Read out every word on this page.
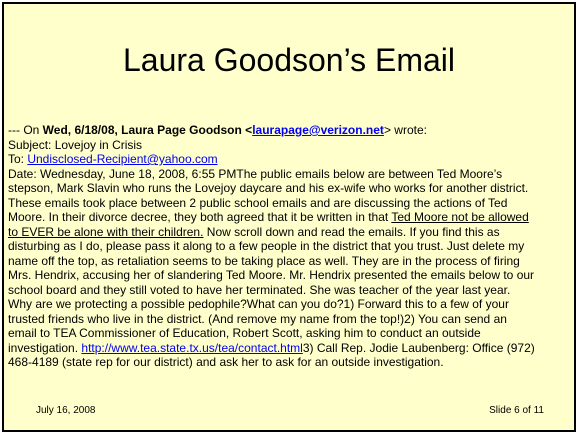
Laura Goodson’s Email
--- On Wed, 6/18/08, Laura Page Goodson <laurapage@verizon.net> wrote:
Subject: Lovejoy in Crisis
To: Undisclosed-Recipient@yahoo.com
Date: Wednesday, June 18, 2008, 6:55 PMThe public emails below are between Ted Moore’s
stepson, Mark Slavin who runs the Lovejoy daycare and his ex-wife who works for another district.
These emails took place between 2 public school emails and are discussing the actions of Ted
Moore. In their divorce decree, they both agreed that it be written in that Ted Moore not be allowed
to EVER be alone with their children. Now scroll down and read the emails. If you find this as
disturbing as I do, please pass it along to a few people in the district that you trust. Just delete my
name off the top, as retaliation seems to be taking place as well. They are in the process of firing
Mrs. Hendrix, accusing her of slandering Ted Moore. Mr. Hendrix presented the emails below to our
school board and they still voted to have her terminated. She was teacher of the year last year.
Why are we protecting a possible pedophile?What can you do?1) Forward this to a few of your
trusted friends who live in the district. (And remove my name from the top!)2) You can send an
email to TEA Commissioner of Education, Robert Scott, asking him to conduct an outside
investigation. http://www.tea.state.tx.us/tea/contact.html3) Call Rep. Jodie Laubenberg: Office (972)
468-4189 (state rep for our district) and ask her to ask for an outside investigation.
July 16, 2008	Slide 6 of 11
